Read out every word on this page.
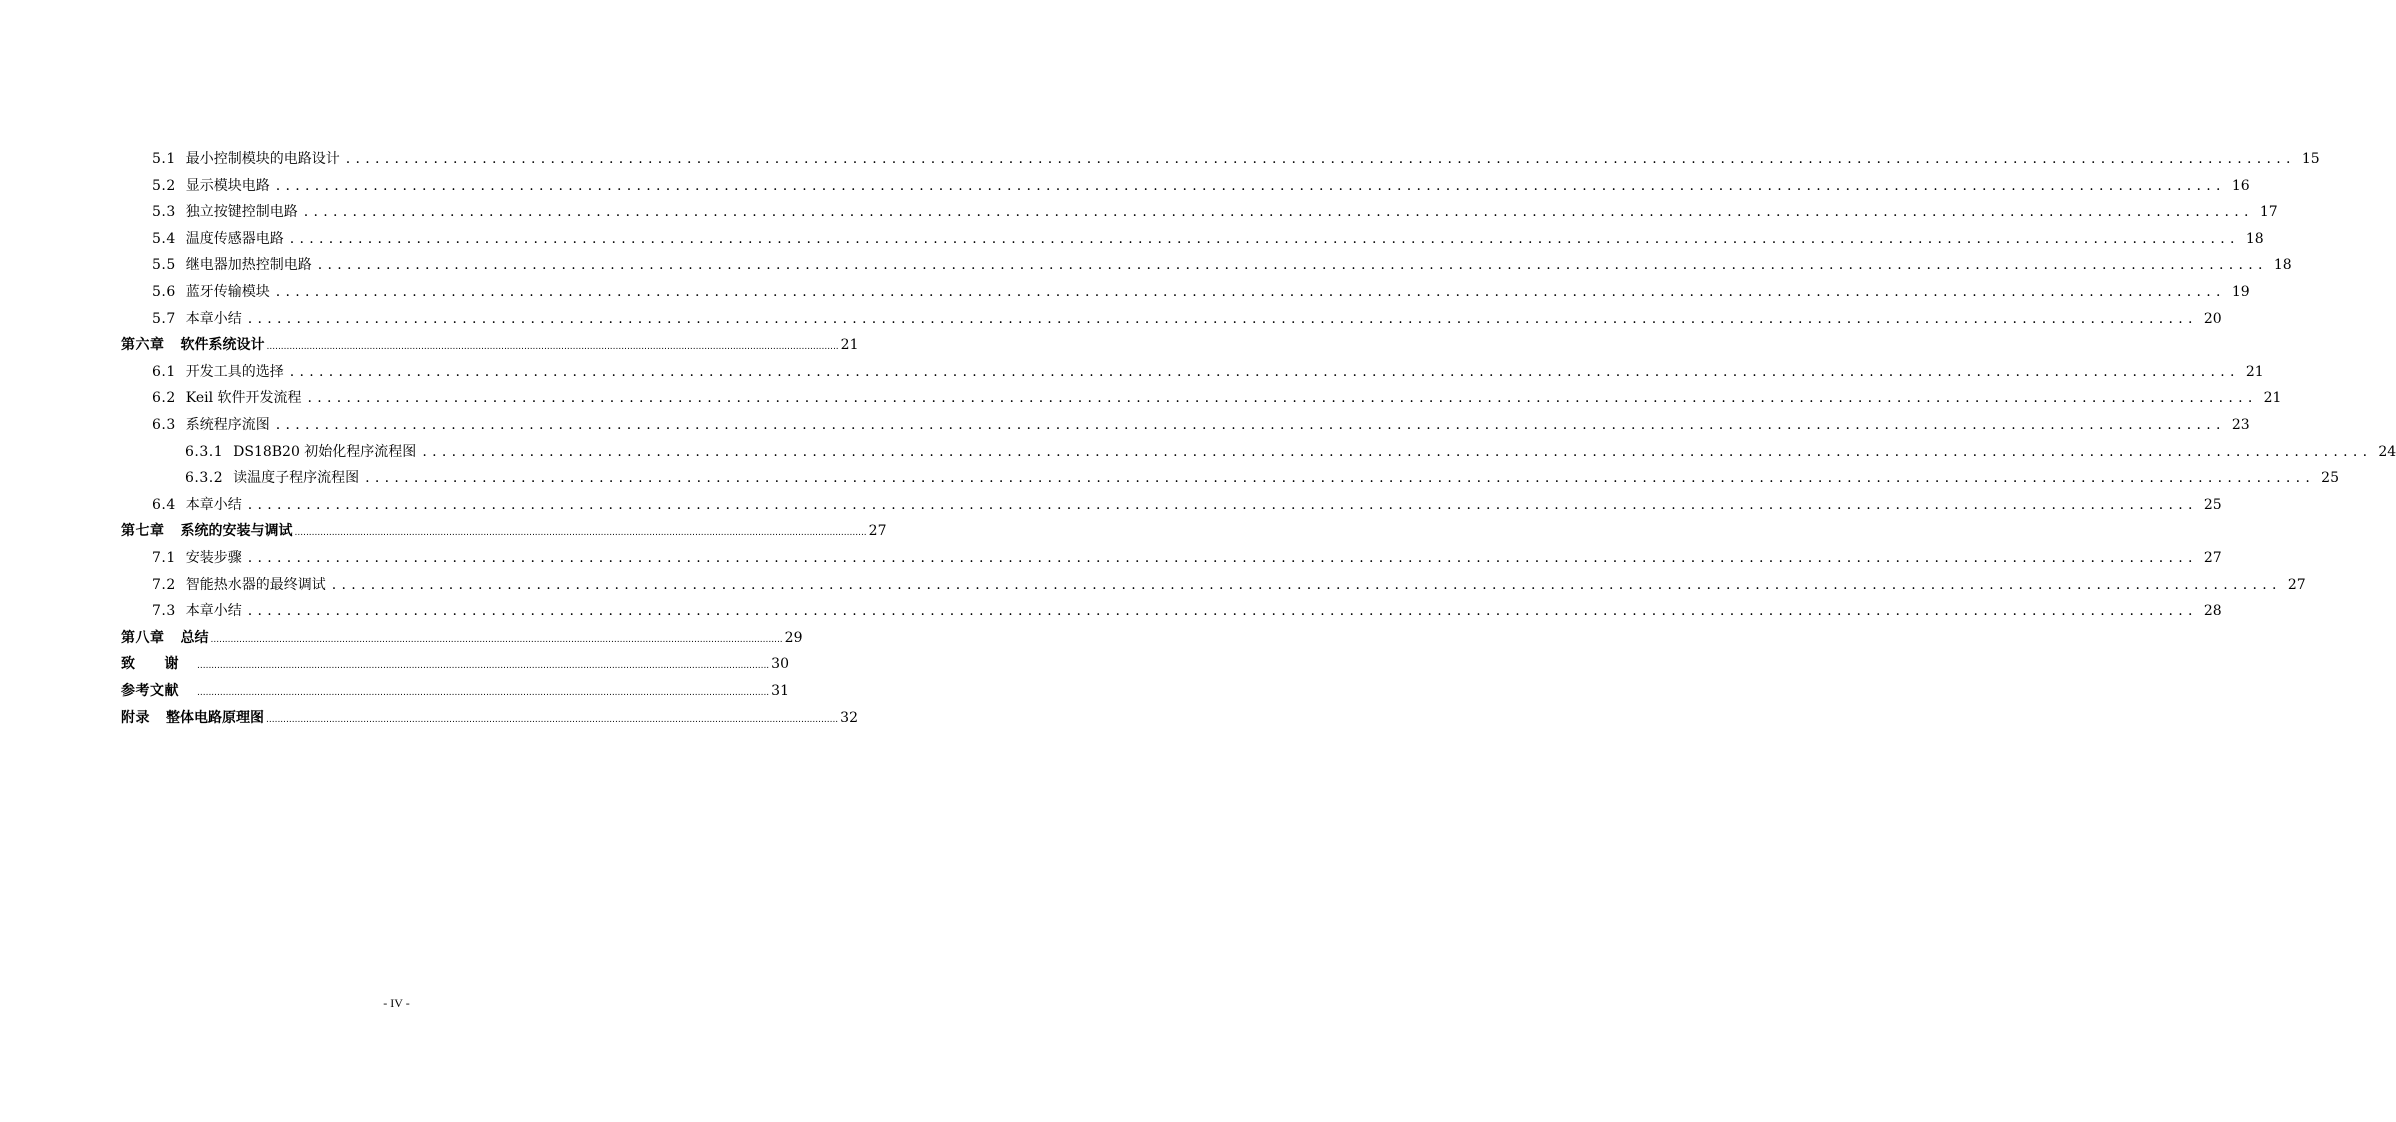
5.1 最小控制模块的电路设计 ........................................................................................................................................................................................................ 15
5.2 显示模块电路 ........................................................................................................................................................................................................ 16
5.3 独立按键控制电路 ........................................................................................................................................................................................................ 17
5.4 温度传感器电路 ........................................................................................................................................................................................................ 18
5.5 继电器加热控制电路 ........................................................................................................................................................................................................ 18
5.6 蓝牙传输模块 ........................................................................................................................................................................................................ 19
5.7 本章小结 ........................................................................................................................................................................................................ 20
第六章 软件系统设计 ........................................................................................................................................................................................................ 21
6.1 开发工具的选择 ........................................................................................................................................................................................................ 21
6.2 Keil 软件开发流程 ........................................................................................................................................................................................................ 21
6.3 系统程序流图 ........................................................................................................................................................................................................ 23
6.3.1 DS18B20 初始化程序流程图 ........................................................................................................................................................................................................ 24
6.3.2 读温度子程序流程图 ........................................................................................................................................................................................................ 25
6.4 本章小结 ........................................................................................................................................................................................................ 25
第七章 系统的安装与调试 ........................................................................................................................................................................................................ 27
7.1 安装步骤 ........................................................................................................................................................................................................ 27
7.2 智能热水器的最终调试 ........................................................................................................................................................................................................ 27
7.3 本章小结 ........................................................................................................................................................................................................ 28
第八章 总结 ........................................................................................................................................................................................................ 29
致　　谢 ........................................................................................................................................................................................................ 30
参考文献 ........................................................................................................................................................................................................ 31
附录 整体电路原理图 ........................................................................................................................................................................................................ 32
- IV -
